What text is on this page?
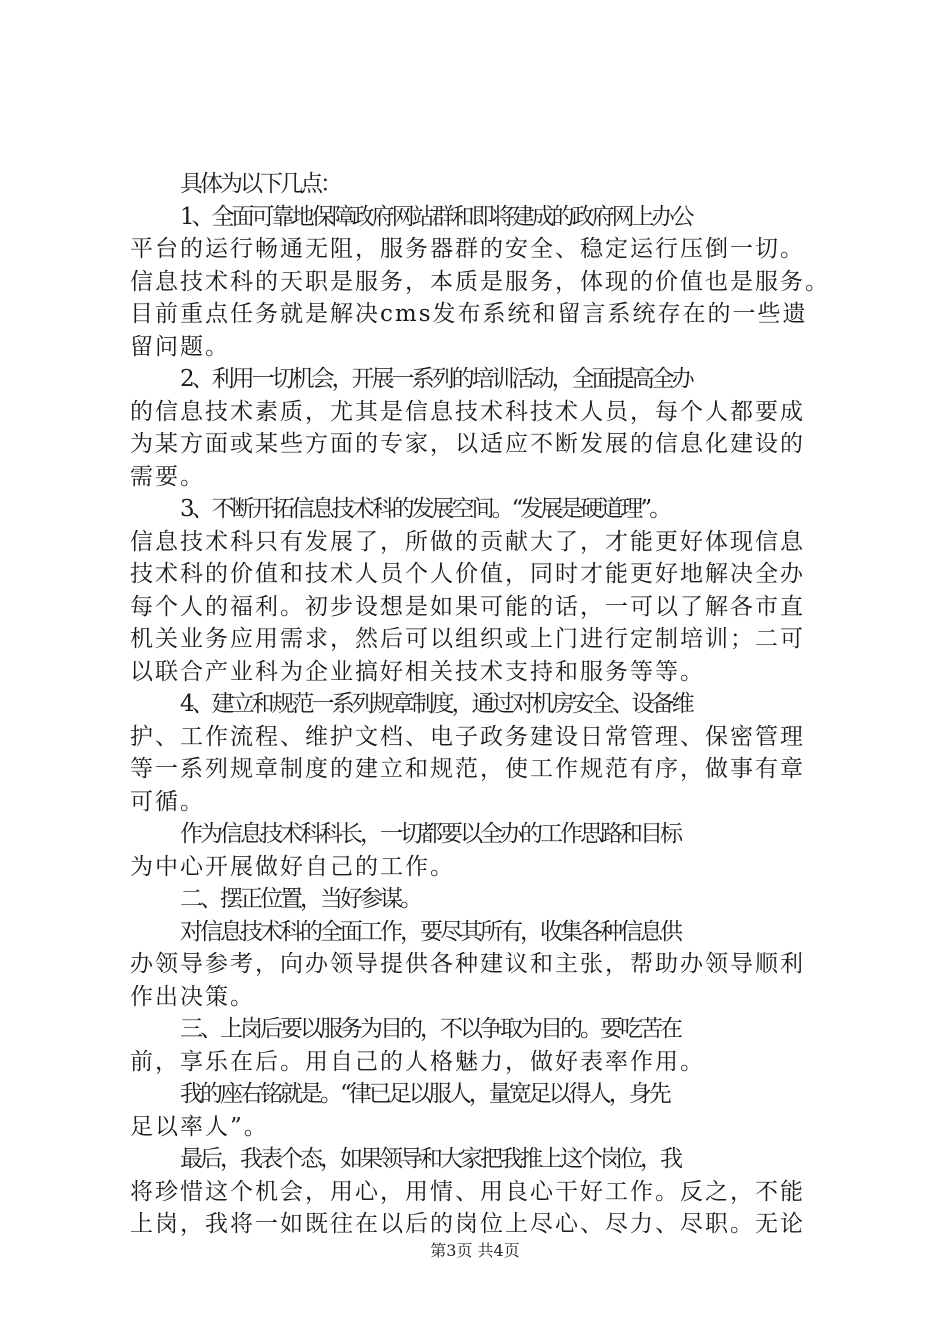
具体为以下几点：
1、全面可靠地保障政府网站群和即将建成的政府网上办公
平台的运行畅通无阻，服务器群的安全、稳定运行压倒一切。
信息技术科的天职是服务，本质是服务，体现的价值也是服务。
目前重点任务就是解决cms发布系统和留言系统存在的一些遗
留问题。
2、利用一切机会，开展一系列的培训活动，全面提高全办
的信息技术素质，尤其是信息技术科技术人员，每个人都要成
为某方面或某些方面的专家，以适应不断发展的信息化建设的
需要。
3、不断开拓信息技术科的发展空间。“发展是硬道理”。
信息技术科只有发展了，所做的贡献大了，才能更好体现信息
技术科的价值和技术人员个人价值，同时才能更好地解决全办
每个人的福利。初步设想是如果可能的话，一可以了解各市直
机关业务应用需求，然后可以组织或上门进行定制培训；二可
以联合产业科为企业搞好相关技术支持和服务等等。
4、建立和规范一系列规章制度，通过对机房安全、设备维
护、工作流程、维护文档、电子政务建设日常管理、保密管理
等一系列规章制度的建立和规范，使工作规范有序，做事有章
可循。
作为信息技术科科长，一切都要以全办的工作思路和目标
为中心开展做好自己的工作。
二、摆正位置，当好参谋。
对信息技术科的全面工作，要尽其所有，收集各种信息供
办领导参考，向办领导提供各种建议和主张，帮助办领导顺利
作出决策。
三、上岗后要以服务为目的，不以争取为目的。要吃苦在
前，享乐在后。用自己的人格魅力，做好表率作用。
我的座右铭就是。“律已足以服人，量宽足以得人，身先
足以率人”。
最后，我表个态，如果领导和大家把我推上这个岗位，我
将珍惜这个机会，用心，用情、用良心干好工作。反之，不能
上岗，我将一如既往在以后的岗位上尽心、尽力、尽职。无论
第3页 共4页
